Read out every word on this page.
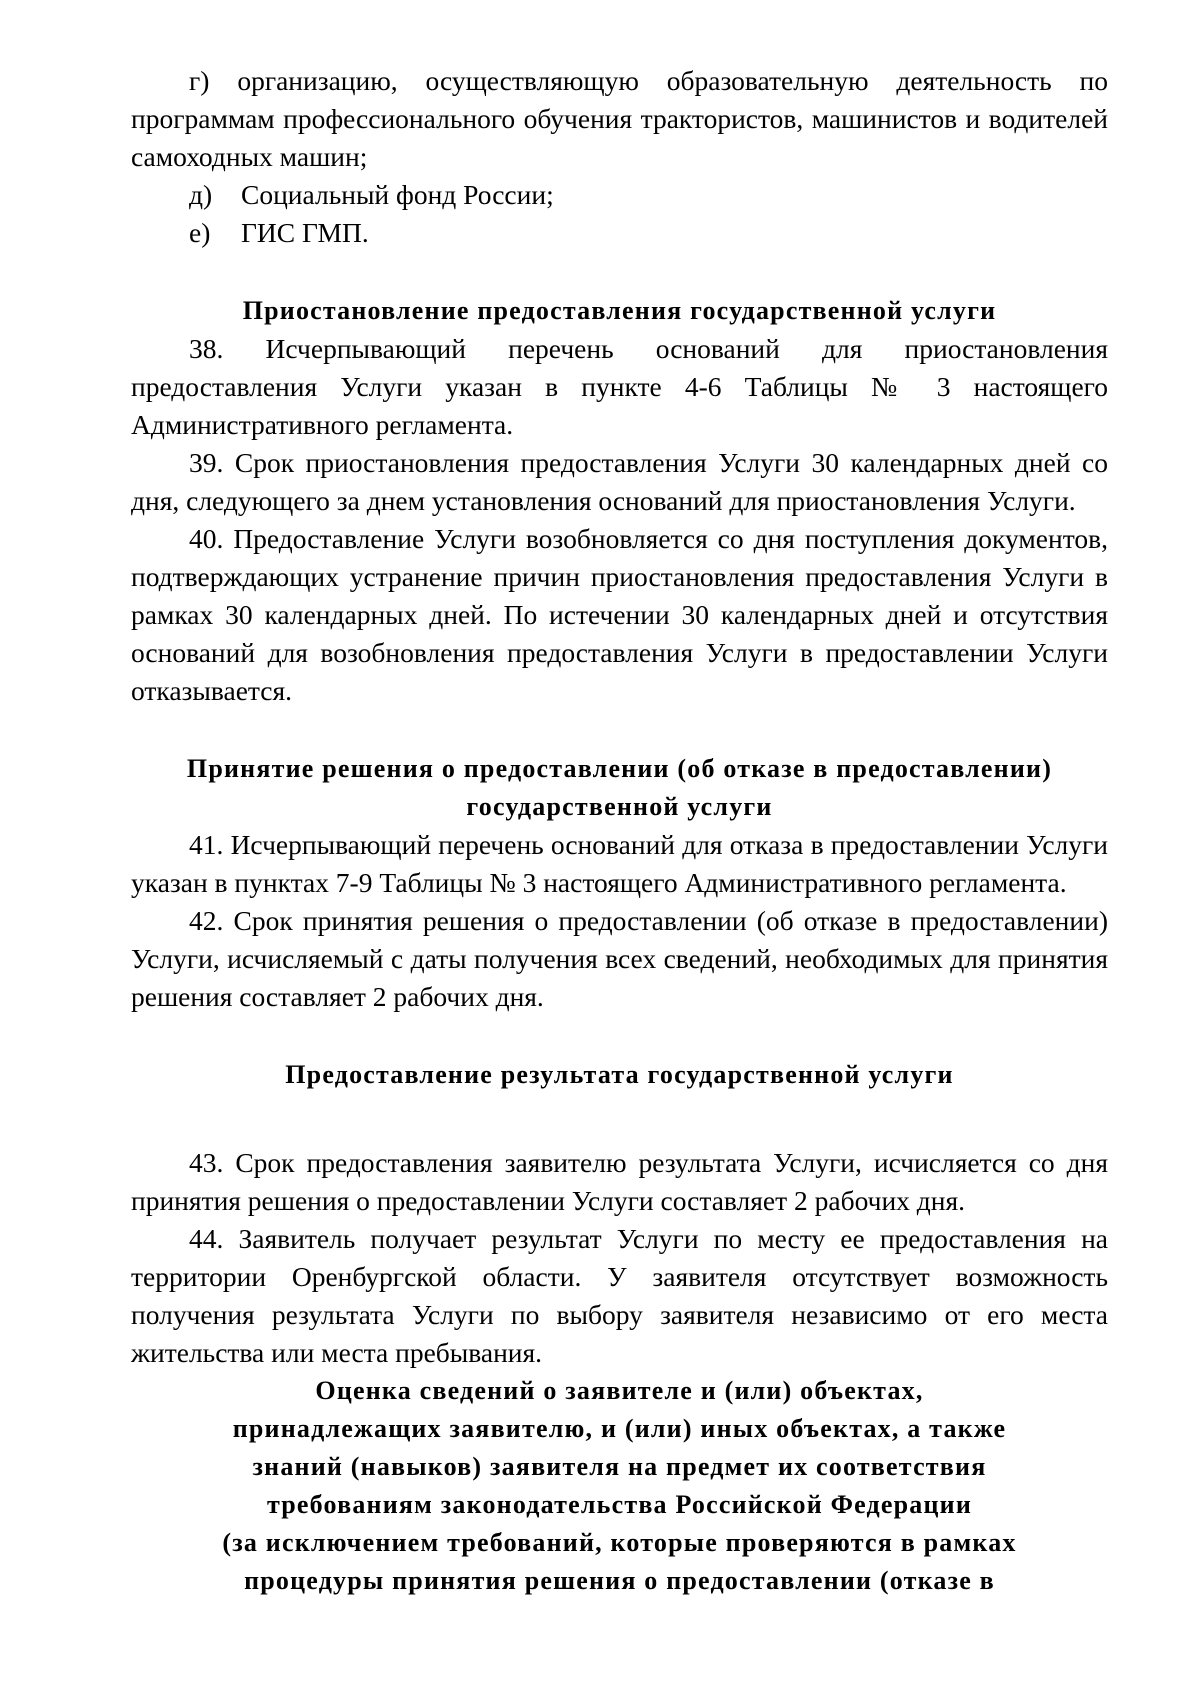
г) организацию, осуществляющую образовательную деятельность по программам профессионального обучения трактористов, машинистов и водителей самоходных машин;

д) Социальный фонд России;

е) ГИС ГМП.

Приостановление предоставления государственной услуги

38. Исчерпывающий перечень оснований для приостановления предоставления Услуги указан в пункте 4-6 Таблицы № 3 настоящего Административного регламента.

39. Срок приостановления предоставления Услуги 30 календарных дней со дня, следующего за днем установления оснований для приостановления Услуги.

40. Предоставление Услуги возобновляется со дня поступления документов, подтверждающих устранение причин приостановления предоставления Услуги в рамках 30 календарных дней. По истечении 30 календарных дней и отсутствия оснований для возобновления предоставления Услуги в предоставлении Услуги отказывается.

Принятие решения о предоставлении (об отказе в предоставлении)
государственной услуги

41. Исчерпывающий перечень оснований для отказа в предоставлении Услуги указан в пунктах 7-9 Таблицы № 3 настоящего Административного регламента.

42. Срок принятия решения о предоставлении (об отказе в предоставлении) Услуги, исчисляемый с даты получения всех сведений, необходимых для принятия решения составляет 2 рабочих дня.

Предоставление результата государственной услуги

43. Срок предоставления заявителю результата Услуги, исчисляется со дня принятия решения о предоставлении Услуги составляет 2 рабочих дня.

44. Заявитель получает результат Услуги по месту ее предоставления на территории Оренбургской области. У заявителя отсутствует возможность получения результата Услуги по выбору заявителя независимо от его места жительства или места пребывания.

Оценка сведений о заявителе и (или) объектах,
принадлежащих заявителю, и (или) иных объектах, а также
знаний (навыков) заявителя на предмет их соответствия
требованиям законодательства Российской Федерации
(за исключением требований, которые проверяются в рамках
процедуры принятия решения о предоставлении (отказе в
